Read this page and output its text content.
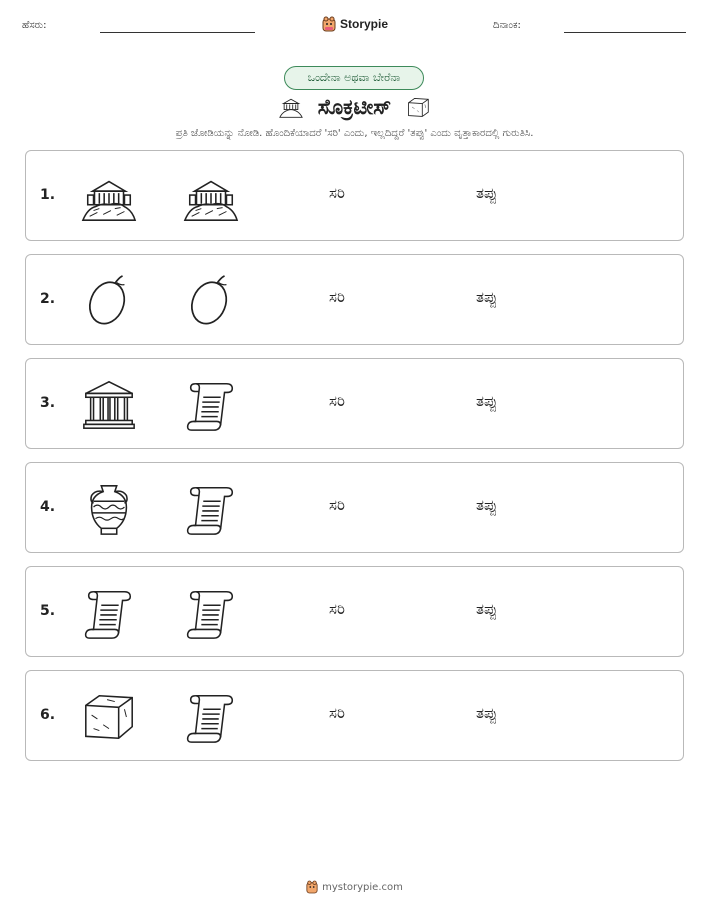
ಹೆಸರು:	Storypie	ದಿನಾಂಕ:
ಒಂದೇನಾ ಅಥವಾ ಬೇರೆನಾ
ಸೊಕ್ರಟೀಸ್
ಪ್ರತಿ ಜೋಡಿಯನ್ನು ನೋಡಿ. ಹೊಂದಿಕೆಯಾದರೆ 'ಸರಿ' ಎಂದು, ಇಲ್ಲದಿದ್ದರೆ 'ತಪ್ಪು' ಎಂದು ವೃತ್ತಾಕಾರದಲ್ಲಿ ಗುರುತಿಸಿ.
1.	ಸರಿ	ತಪ್ಪು
2.	ಸರಿ	ತಪ್ಪು
3.	ಸರಿ	ತಪ್ಪು
4.	ಸರಿ	ತಪ್ಪು
5.	ಸರಿ	ತಪ್ಪು
6.	ಸರಿ	ತಪ್ಪು
mystorypie.com
